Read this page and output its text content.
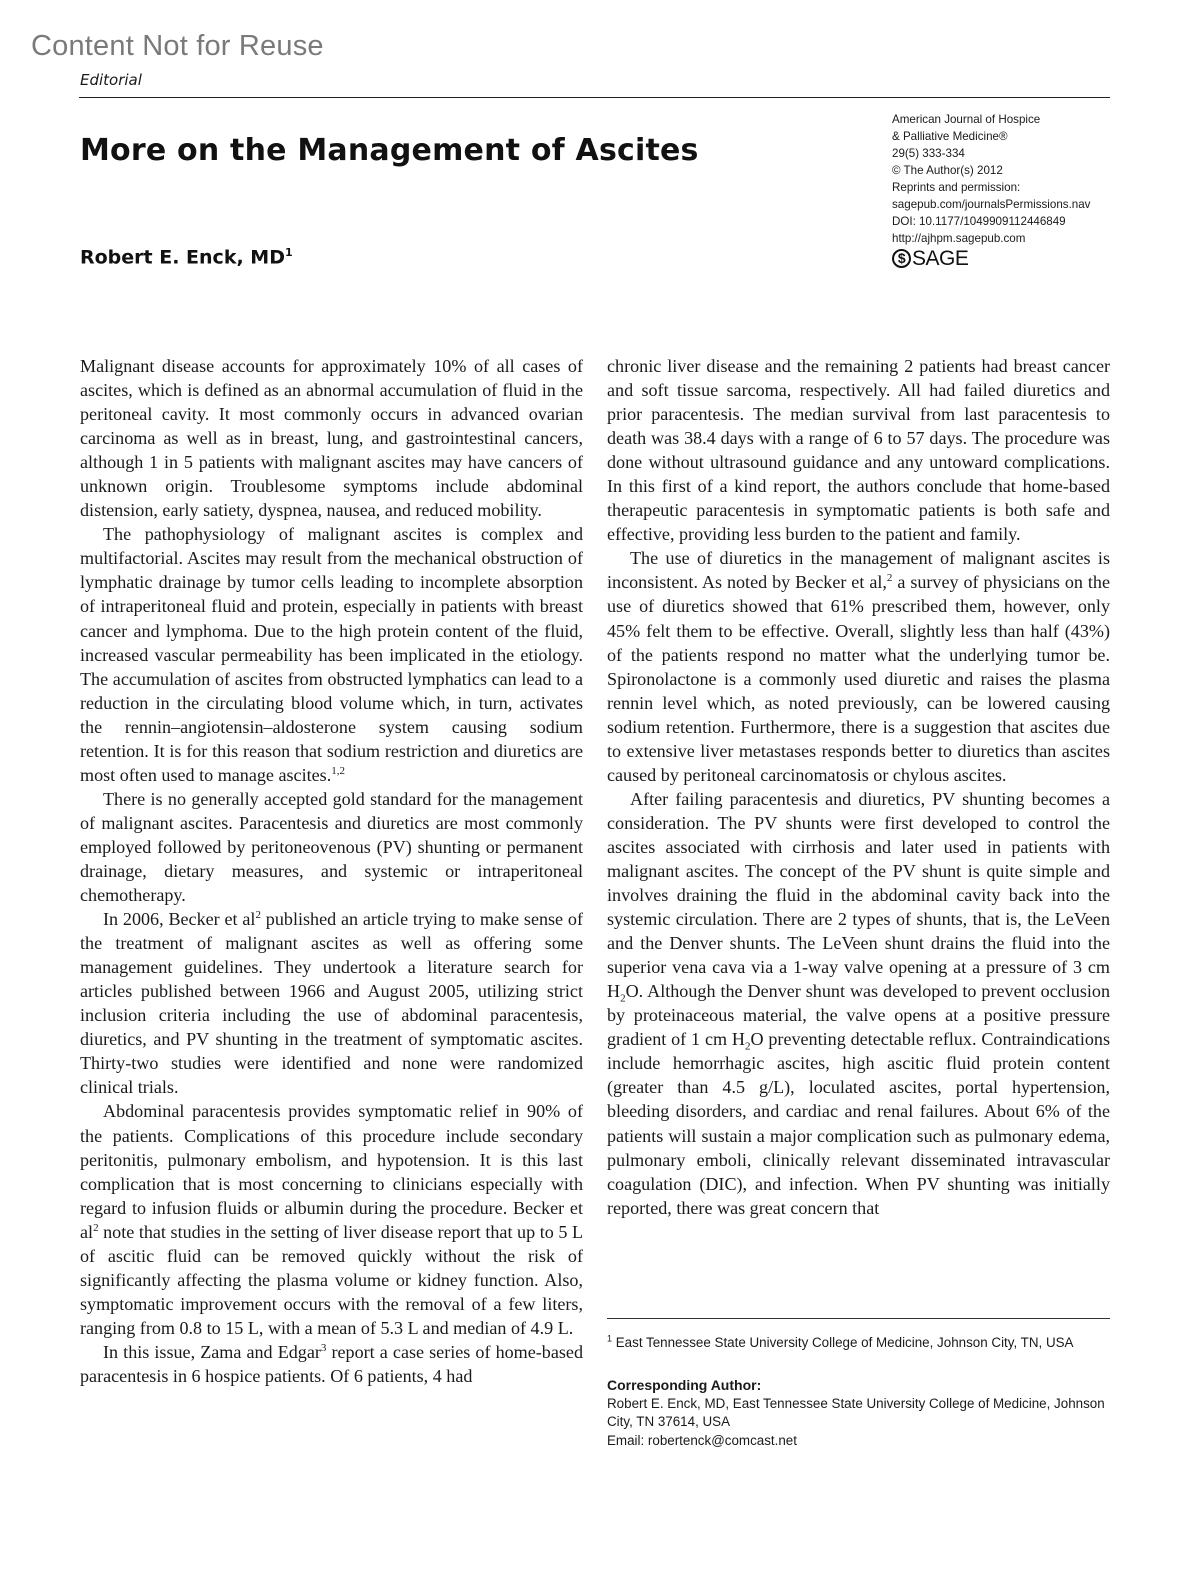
Content Not for Reuse
Editorial
More on the Management of Ascites
Robert E. Enck, $MD^1$
American Journal of Hospice
& Palliative Medicine®
29(5) 333-334
© The Author(s) 2012
Reprints and permission:
sagepub.com/journalsPermissions.nav
DOI: 10.1177/1049909112446849
http://ajhpm.sagepub.com
$ SAGE

Malignant disease accounts for approximately 10% of all cases of ascites, which is defined as an abnormal accumulation of fluid in the peritoneal cavity. It most commonly occurs in advanced ovarian carcinoma as well as in breast, lung, and gastrointestinal cancers, although 1 in 5 patients with malignant ascites may have cancers of unknown origin. Troublesome symptoms include abdominal distension, early satiety, dyspnea, nausea, and reduced mobility.

The pathophysiology of malignant ascites is complex and multifactorial. Ascites may result from the mechanical obstruction of lymphatic drainage by tumor cells leading to incomplete absorption of intraperitoneal fluid and protein, especially in patients with breast cancer and lymphoma. Due to the high protein content of the fluid, increased vascular permeability has been implicated in the etiology. The accumulation of ascites from obstructed lymphatics can lead to a reduction in the circulating blood volume which, in turn, activates the rennin–angiotensin–aldosterone system causing sodium retention. It is for this reason that sodium restriction and diuretics are most often used to manage ascites.$^{1,2}$

There is no generally accepted gold standard for the management of malignant ascites. Paracentesis and diuretics are most commonly employed followed by peritoneovenous (PV) shunting or permanent drainage, dietary measures, and systemic or intraperitoneal chemotherapy.

In 2006, Becker et $al^2$ published an article trying to make sense of the treatment of malignant ascites as well as offering some management guidelines. They undertook a literature search for articles published between 1966 and August 2005, utilizing strict inclusion criteria including the use of abdominal paracentesis, diuretics, and PV shunting in the treatment of symptomatic ascites. Thirty-two studies were identified and none were randomized clinical trials.

Abdominal paracentesis provides symptomatic relief in 90% of the patients. Complications of this procedure include secondary peritonitis, pulmonary embolism, and hypotension. It is this last complication that is most concerning to clinicians especially with regard to infusion fluids or albumin during the procedure. Becker et $al^2$ note that studies in the setting of liver disease report that up to 5 L of ascitic fluid can be removed quickly without the risk of significantly affecting the plasma volume or kidney function. Also, symptomatic improvement occurs with the removal of a few liters, ranging from 0.8 to 15 L, with a mean of 5.3 L and median of 4.9 L.

In this issue, Zama and Edgar$^3$ report a case series of home-based paracentesis in 6 hospice patients. Of 6 patients, 4 had

chronic liver disease and the remaining 2 patients had breast cancer and soft tissue sarcoma, respectively. All had failed diuretics and prior paracentesis. The median survival from last paracentesis to death was 38.4 days with a range of 6 to 57 days. The procedure was done without ultrasound guidance and any untoward complications. In this first of a kind report, the authors conclude that home-based therapeutic paracentesis in symptomatic patients is both safe and effective, providing less burden to the patient and family.

The use of diuretics in the management of malignant ascites is inconsistent. As noted by Becker et al,$^2$ a survey of physicians on the use of diuretics showed that 61% prescribed them, however, only 45% felt them to be effective. Overall, slightly less than half (43%) of the patients respond no matter what the underlying tumor be. Spironolactone is a commonly used diuretic and raises the plasma rennin level which, as noted previously, can be lowered causing sodium retention. Furthermore, there is a suggestion that ascites due to extensive liver metastases responds better to diuretics than ascites caused by peritoneal carcinomatosis or chylous ascites.

After failing paracentesis and diuretics, PV shunting becomes a consideration. The PV shunts were first developed to control the ascites associated with cirrhosis and later used in patients with malignant ascites. The concept of the PV shunt is quite simple and involves draining the fluid in the abdominal cavity back into the systemic circulation. There are 2 types of shunts, that is, the LeVeen and the Denver shunts. The LeVeen shunt drains the fluid into the superior vena cava via a 1-way valve opening at a pressure of 3 cm $H_2O$. Although the Denver shunt was developed to prevent occlusion by proteinaceous material, the valve opens at a positive pressure gradient of 1 cm $H_2O$ preventing detectable reflux. Contraindications include hemorrhagic ascites, high ascitic fluid protein content (greater than 4.5 g/L), loculated ascites, portal hypertension, bleeding disorders, and cardiac and renal failures. About 6% of the patients will sustain a major complication such as pulmonary edema, pulmonary emboli, clinically relevant disseminated intravascular coagulation (DIC), and infection. When PV shunting was initially reported, there was great concern that

$^1$ East Tennessee State University College of Medicine, Johnson City, TN, USA
Corresponding Author:
Robert E. Enck, MD, East Tennessee State University College of Medicine, Johnson City, TN 37614, USA
Email: robertenck@comcast.net
